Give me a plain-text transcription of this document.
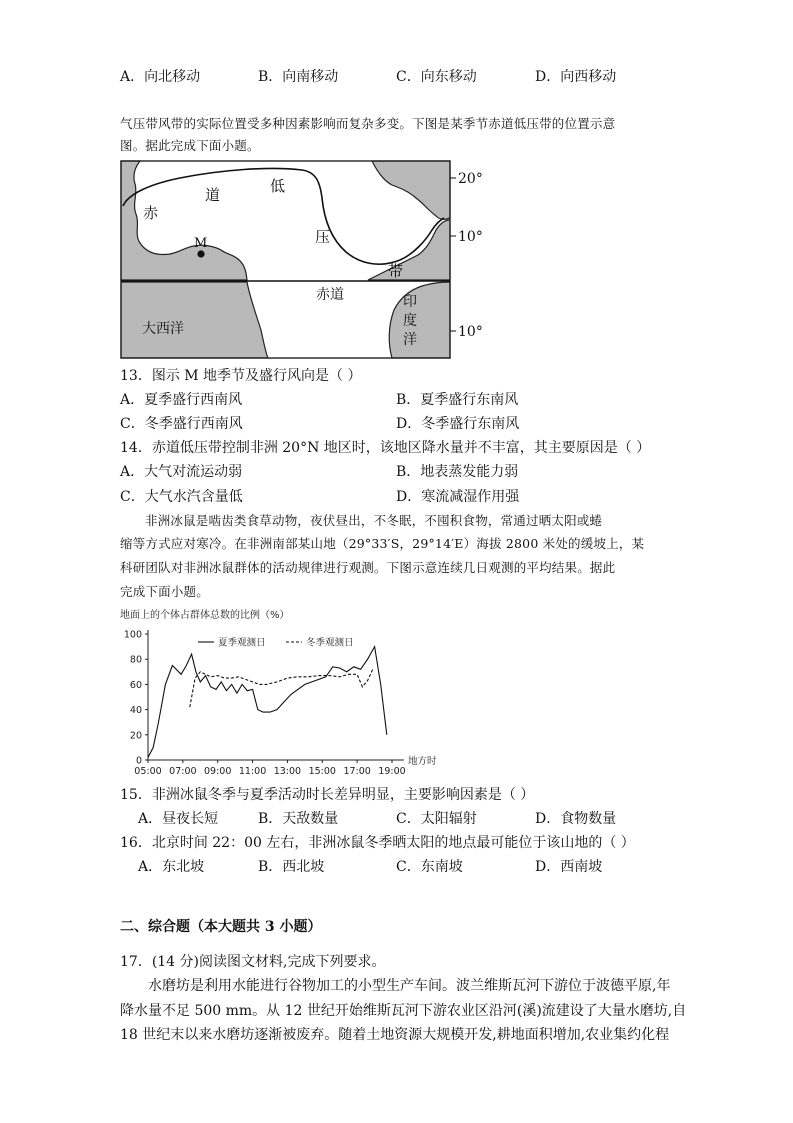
A．向北移动	B．向南移动	C．向东移动	D．向西移动
气压带风带的实际位置受多种因素影响而复杂多变。下图是某季节赤道低压带的位置示意
图。据此完成下面小题。
20°
10°
10°
赤
道	低
压
带
M
赤道
大西洋
印
度
洋
13．图示 M 地季节及盛行风向是（ ）
A．夏季盛行西南风	B．夏季盛行东南风
C．冬季盛行西南风	D．冬季盛行东南风
14．赤道低压带控制非洲 20°N 地区时，该地区降水量并不丰富，其主要原因是（ ）
A．大气对流运动弱	B．地表蒸发能力弱
C．大气水汽含量低	D．寒流减湿作用强
非洲冰鼠是啮齿类食草动物，夜伏昼出，不冬眠，不囤积食物，常通过晒太阳或蜷
缩等方式应对寒冷。在非洲南部某山地（29°33′S，29°14′E）海拔 2800 米处的缓坡上，某
科研团队对非洲冰鼠群体的活动规律进行观测。下图示意连续几日观测的平均结果。据此
完成下面小题。
地面上的个体占群体总数的比例（%）
0
20
40
60
80
100
05:00 07:00 09:00 11:00 13:00 15:00 17:00 19:00
地方时
夏季观测日	冬季观测日
15．非洲冰鼠冬季与夏季活动时长差异明显，主要影响因素是（ ）
A．昼夜长短	B．天敌数量	C．太阳辐射	D．食物数量
16．北京时间 22：00 左右，非洲冰鼠冬季晒太阳的地点最可能位于该山地的（ ）
A．东北坡	B．西北坡	C．东南坡	D．西南坡
二、综合题（本大题共 3 小题）
17．(14 分)阅读图文材料,完成下列要求。
水磨坊是利用水能进行谷物加工的小型生产车间。波兰维斯瓦河下游位于波德平原,年
降水量不足 500 mm。从 12 世纪开始维斯瓦河下游农业区沿河(溪)流建设了大量水磨坊,自
18 世纪末以来水磨坊逐渐被废弃。随着土地资源大规模开发,耕地面积增加,农业集约化程
